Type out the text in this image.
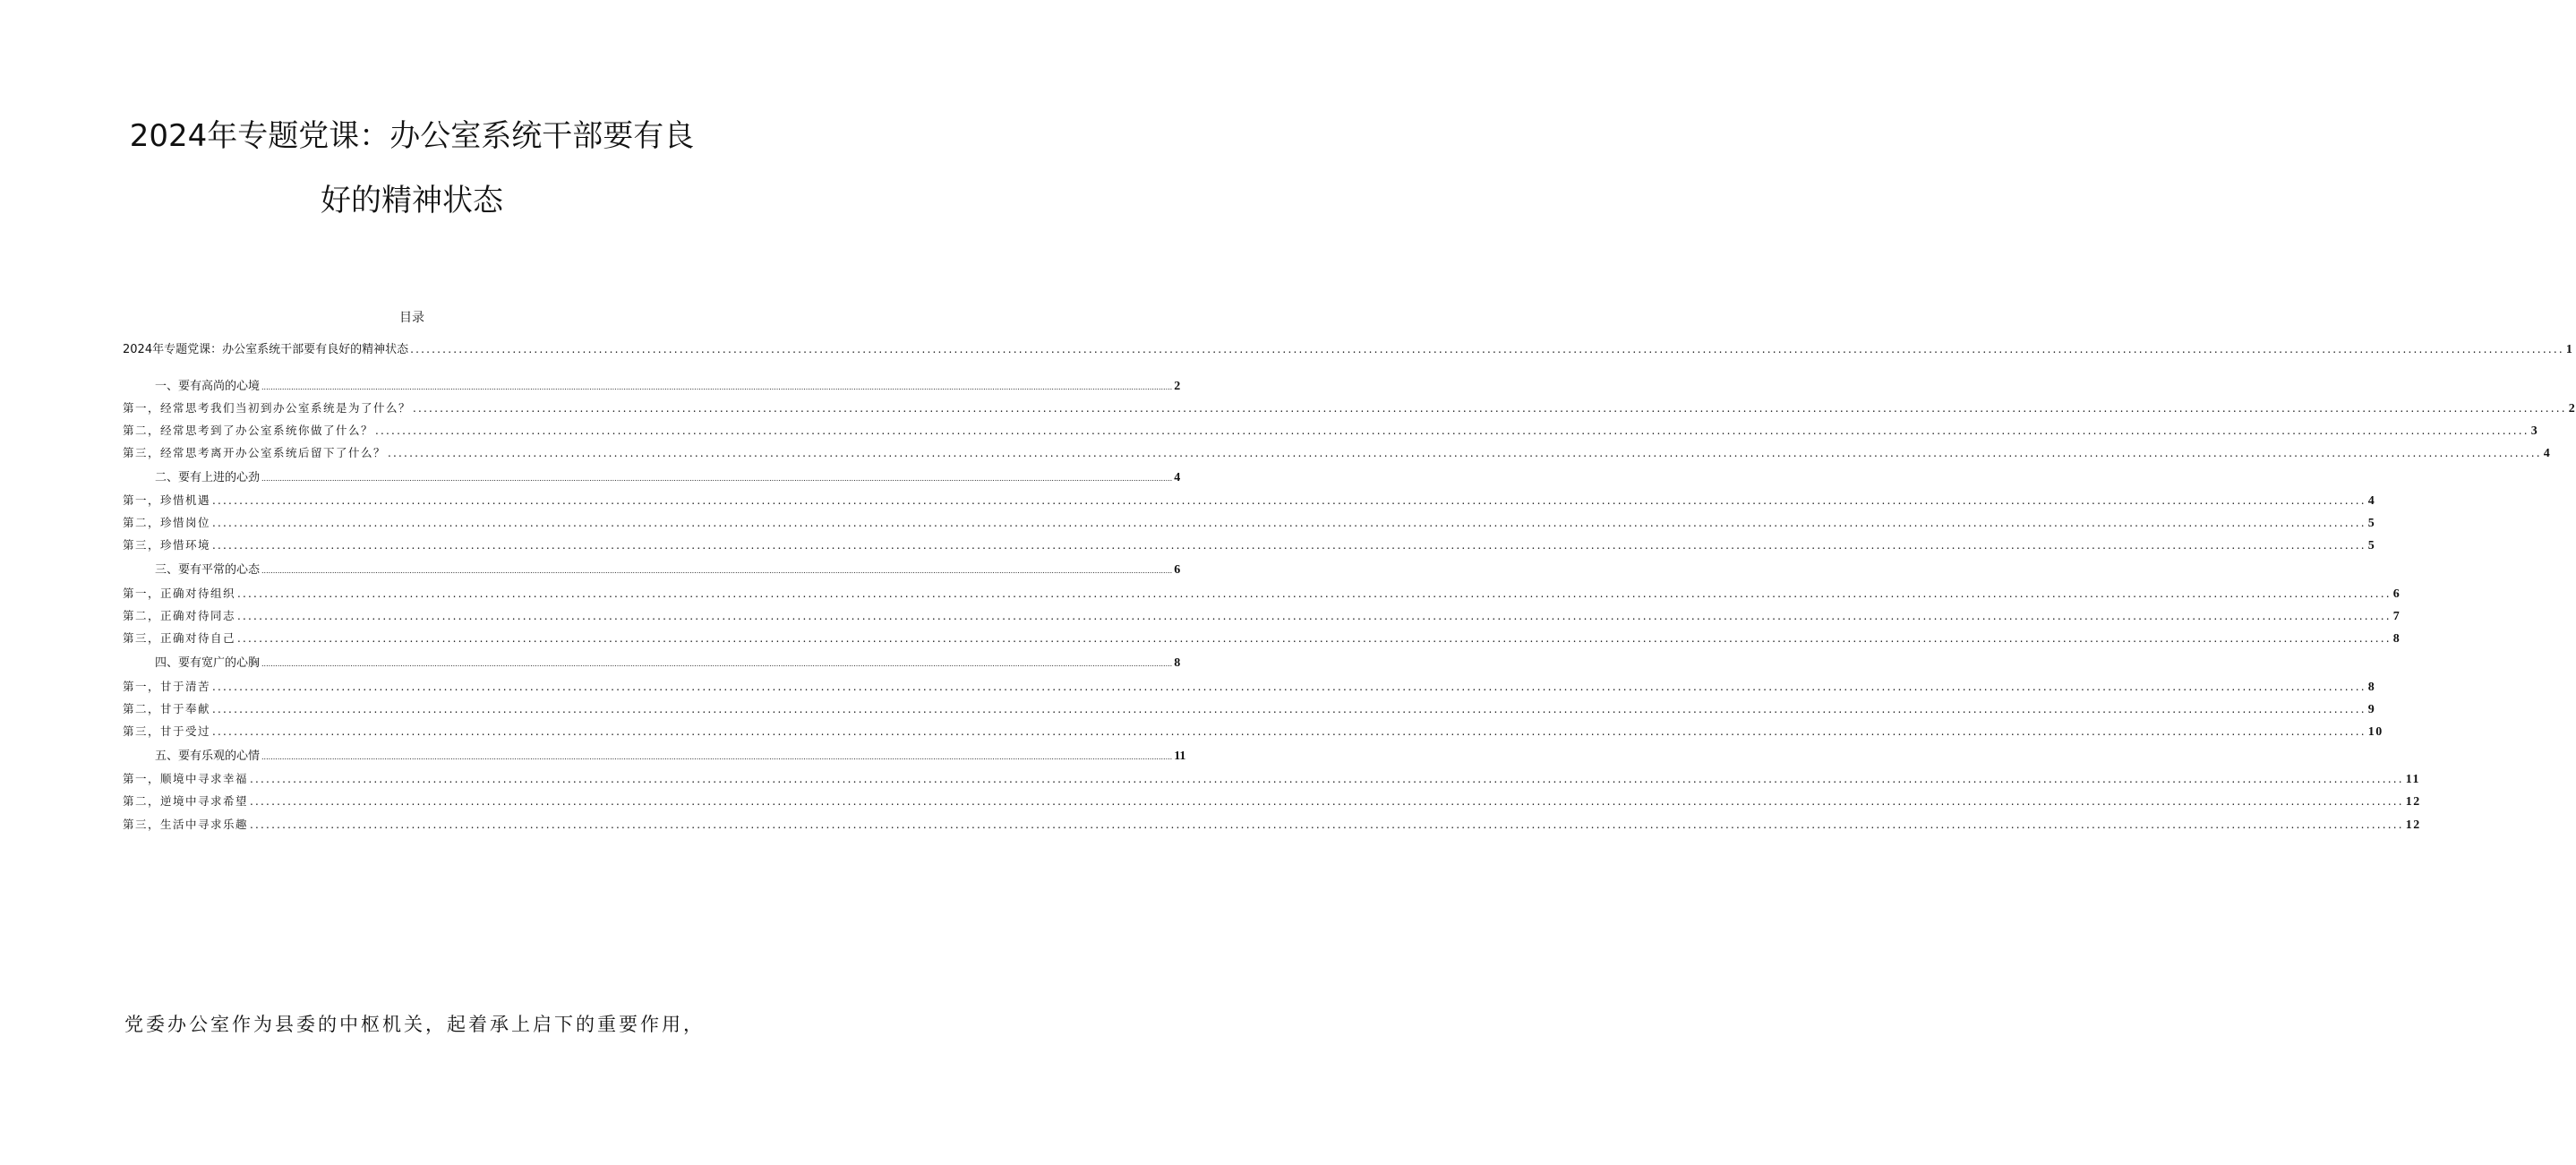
2024年专题党课：办公室系统干部要有良
好的精神状态
目录
2024年专题党课：办公室系统干部要有良好的精神状态 ................................................................................................................................................................................................................................................................................................................................................................................................................ 1
一、要有高尚的心境 ................................................................................................................................................................................................................................................................................................................................................................................................................ 2
第一，经常思考我们当初到办公室系统是为了什么？ ................................................................................................................................................................................................................................................................................................................................................................................................................ 2
第二，经常思考到了办公室系统你做了什么？ ................................................................................................................................................................................................................................................................................................................................................................................................................ 3
第三，经常思考离开办公室系统后留下了什么？ ................................................................................................................................................................................................................................................................................................................................................................................................................ 4
二、要有上进的心劲 ................................................................................................................................................................................................................................................................................................................................................................................................................ 4
第一，珍惜机遇 ................................................................................................................................................................................................................................................................................................................................................................................................................ 4
第二，珍惜岗位 ................................................................................................................................................................................................................................................................................................................................................................................................................ 5
第三，珍惜环境 ................................................................................................................................................................................................................................................................................................................................................................................................................ 5
三、要有平常的心态 ................................................................................................................................................................................................................................................................................................................................................................................................................ 6
第一，正确对待组织 ................................................................................................................................................................................................................................................................................................................................................................................................................ 6
第二，正确对待同志 ................................................................................................................................................................................................................................................................................................................................................................................................................ 7
第三，正确对待自己 ................................................................................................................................................................................................................................................................................................................................................................................................................ 8
四、要有宽广的心胸 ................................................................................................................................................................................................................................................................................................................................................................................................................ 8
第一，甘于清苦 ................................................................................................................................................................................................................................................................................................................................................................................................................ 8
第二，甘于奉献 ................................................................................................................................................................................................................................................................................................................................................................................................................ 9
第三，甘于受过 ................................................................................................................................................................................................................................................................................................................................................................................................................ 10
五、要有乐观的心情 ................................................................................................................................................................................................................................................................................................................................................................................................................ 11
第一，顺境中寻求幸福 ................................................................................................................................................................................................................................................................................................................................................................................................................ 11
第二，逆境中寻求希望 ................................................................................................................................................................................................................................................................................................................................................................................................................ 12
第三，生活中寻求乐趣 ................................................................................................................................................................................................................................................................................................................................................................................................................ 12

党委办公室作为县委的中枢机关，起着承上启下的重要作用，
